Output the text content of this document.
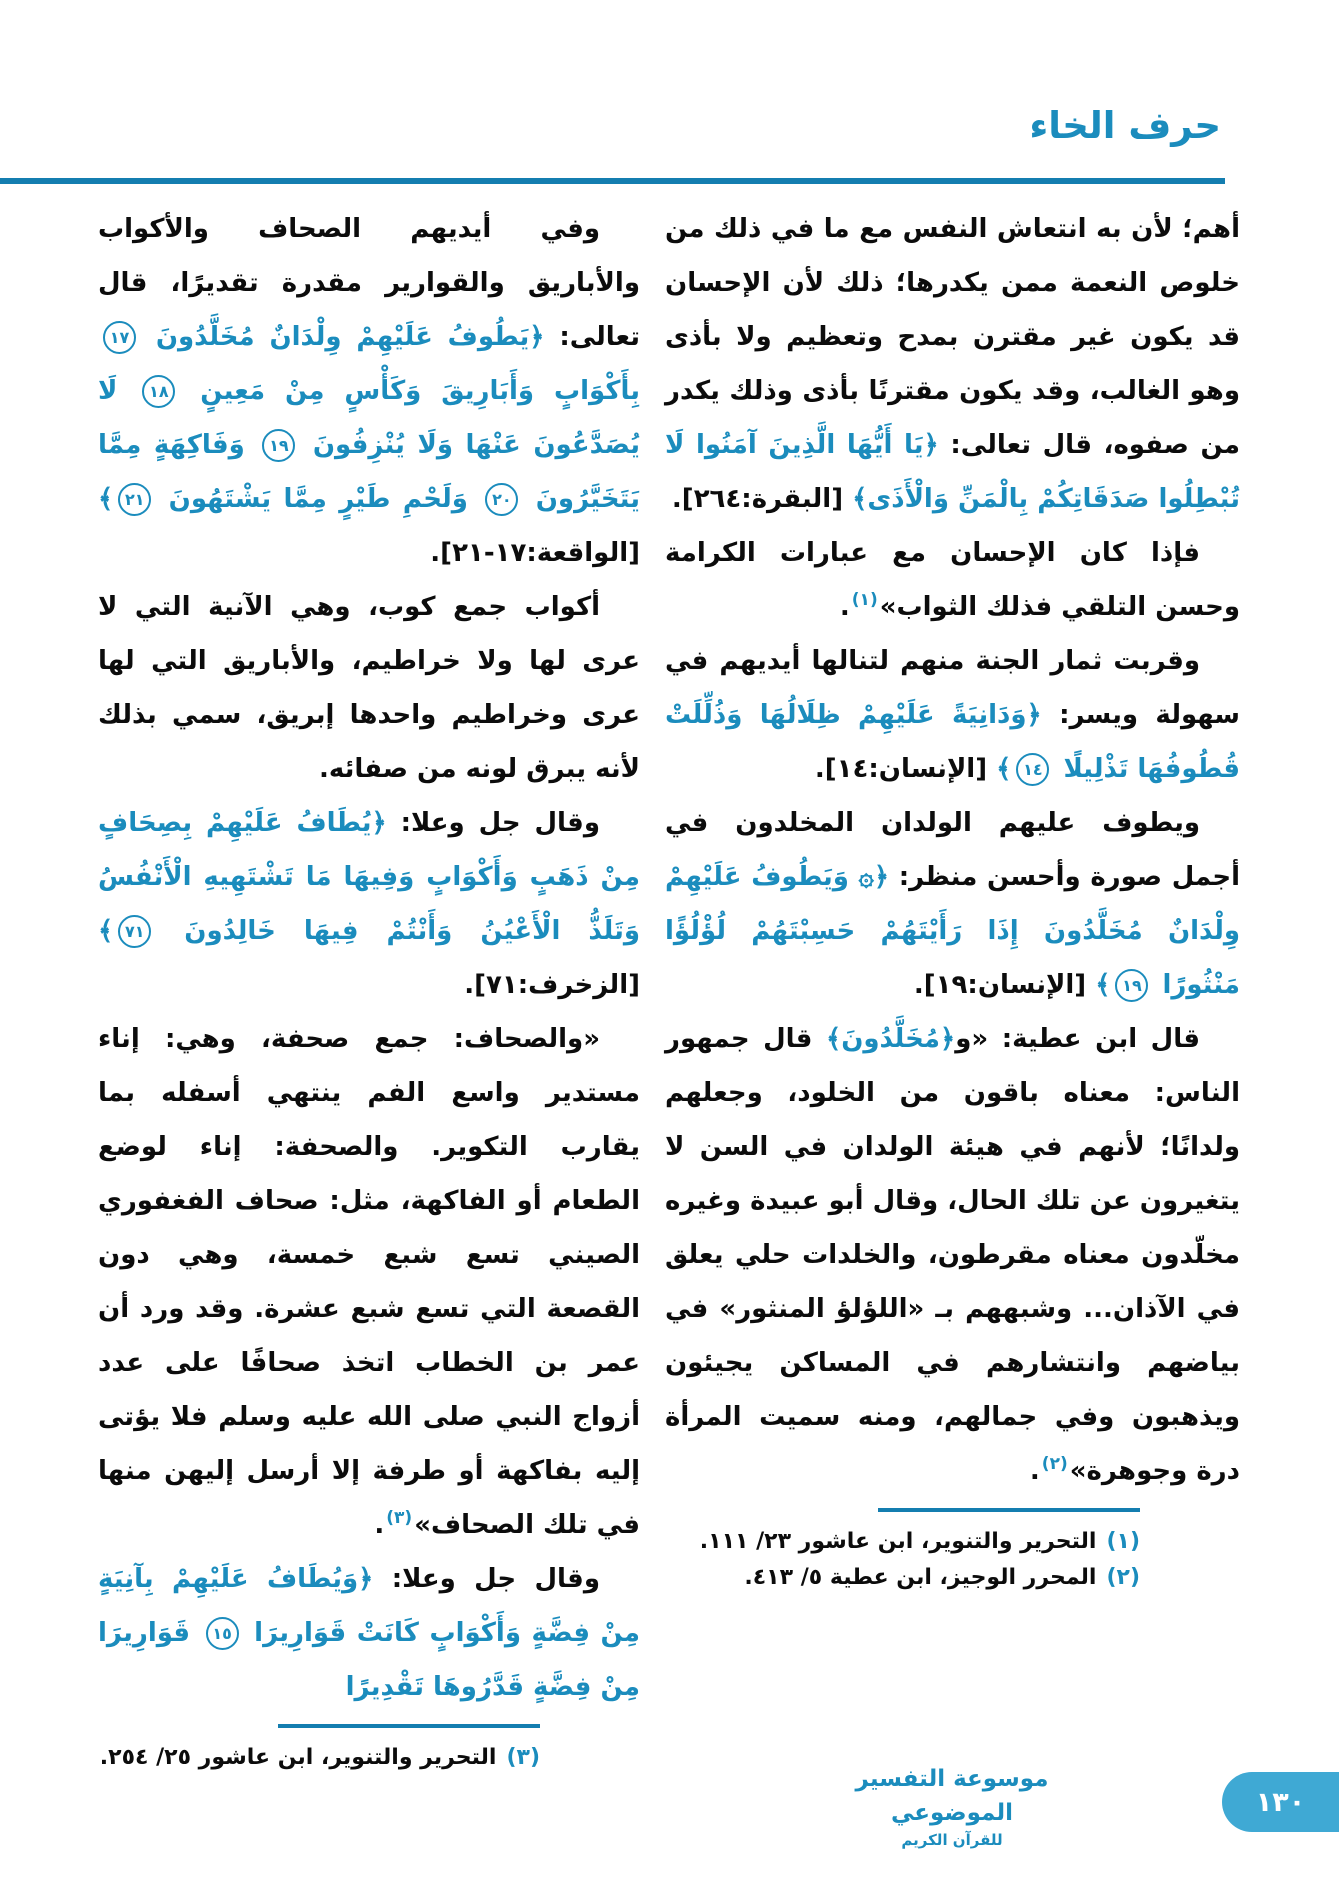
حرف الخاء

أهم؛ لأن به انتعاش النفس مع ما في ذلك من خلوص النعمة ممن يكدرها؛ ذلك لأن الإحسان قد يكون غير مقترن بمدح وتعظيم ولا بأذى وهو الغالب، وقد يكون مقترنًا بأذى وذلك يكدر من صفوه، قال تعالى: ﴿يَا أَيُّهَا الَّذِينَ آمَنُوا لَا تُبْطِلُوا صَدَقَاتِكُمْ بِالْمَنِّ وَالْأَذَى﴾ [البقرة:٢٦٤].

فإذا كان الإحسان مع عبارات الكرامة وحسن التلقي فذلك الثواب»$^{(١)}$.

وقربت ثمار الجنة منهم لتنالها أيديهم في سهولة ويسر: ﴿وَدَانِيَةً عَلَيْهِمْ ظِلَالُهَا وَذُلِّلَتْ قُطُوفُهَا تَذْلِيلًا ١٤﴾ [الإنسان:١٤].

ويطوف عليهم الولدان المخلدون في أجمل صورة وأحسن منظر: ﴿۞ وَيَطُوفُ عَلَيْهِمْ وِلْدَانٌ مُخَلَّدُونَ إِذَا رَأَيْتَهُمْ حَسِبْتَهُمْ لُؤْلُؤًا مَنْثُورًا ١٩﴾ [الإنسان:١٩].

قال ابن عطية: «و﴿مُخَلَّدُونَ﴾ قال جمهور الناس: معناه باقون من الخلود، وجعلهم ولدانًا؛ لأنهم في هيئة الولدان في السن لا يتغيرون عن تلك الحال، وقال أبو عبيدة وغيره مخلّدون معناه مقرطون، والخلدات حلي يعلق في الآذان... وشبههم بـ «اللؤلؤ المنثور» في بياضهم وانتشارهم في المساكن يجيئون ويذهبون وفي جمالهم، ومنه سميت المرأة درة وجوهرة»$^{(٢)}$.

(١)التحرير والتنوير، ابن عاشور ٢٣/ ١١١.
(٢)المحرر الوجيز، ابن عطية ٥/ ٤١٣.

وفي أيديهم الصحاف والأكواب والأباريق والقوارير مقدرة تقديرًا، قال تعالى: ﴿يَطُوفُ عَلَيْهِمْ وِلْدَانٌ مُخَلَّدُونَ ١٧ بِأَكْوَابٍ وَأَبَارِيقَ وَكَأْسٍ مِنْ مَعِينٍ ١٨ لَا يُصَدَّعُونَ عَنْهَا وَلَا يُنْزِفُونَ ١٩ وَفَاكِهَةٍ مِمَّا يَتَخَيَّرُونَ ٢٠ وَلَحْمِ طَيْرٍ مِمَّا يَشْتَهُونَ ٢١﴾ [الواقعة:١٧-٢١].

أكواب جمع كوب، وهي الآنية التي لا عرى لها ولا خراطيم، والأباريق التي لها عرى وخراطيم واحدها إبريق، سمي بذلك لأنه يبرق لونه من صفائه.

وقال جل وعلا: ﴿يُطَافُ عَلَيْهِمْ بِصِحَافٍ مِنْ ذَهَبٍ وَأَكْوَابٍ وَفِيهَا مَا تَشْتَهِيهِ الْأَنْفُسُ وَتَلَذُّ الْأَعْيُنُ وَأَنْتُمْ فِيهَا خَالِدُونَ ٧١﴾ [الزخرف:٧١].

«والصحاف: جمع صحفة، وهي: إناء مستدير واسع الفم ينتهي أسفله بما يقارب التكوير. والصحفة: إناء لوضع الطعام أو الفاكهة، مثل: صحاف الفغفوري الصيني تسع شبع خمسة، وهي دون القصعة التي تسع شبع عشرة. وقد ورد أن عمر بن الخطاب اتخذ صحافًا على عدد أزواج النبي صلى الله عليه وسلم فلا يؤتى إليه بفاكهة أو طرفة إلا أرسل إليهن منها في تلك الصحاف»$^{(٣)}$.

وقال جل وعلا: ﴿وَيُطَافُ عَلَيْهِمْ بِآنِيَةٍ مِنْ فِضَّةٍ وَأَكْوَابٍ كَانَتْ قَوَارِيرَا ١٥ قَوَارِيرَا مِنْ فِضَّةٍ قَدَّرُوهَا تَقْدِيرًا

(٣)التحرير والتنوير، ابن عاشور ٢٥/ ٢٥٤.
موسوعة التفسير الموضوعي
للقرآن الكريم
١٣٠
